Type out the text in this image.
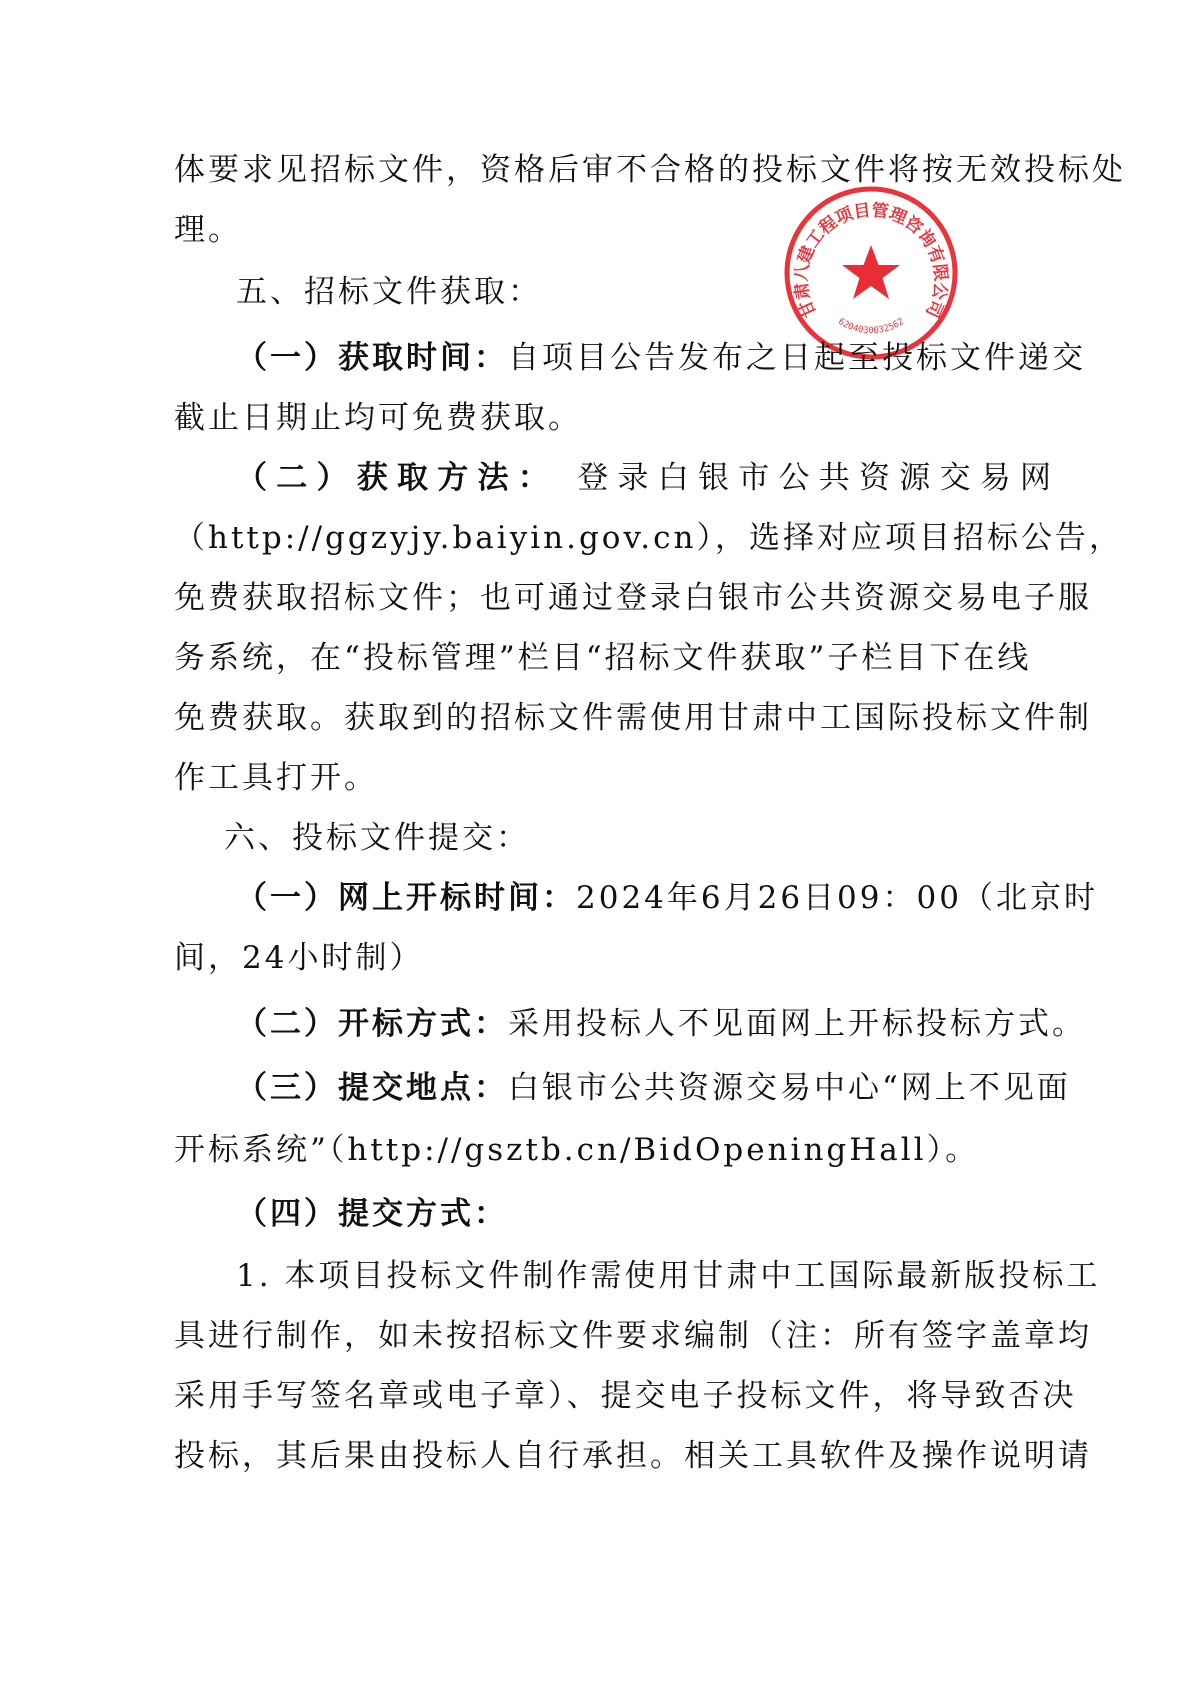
甘肃八建工程项目管理咨询有限公司
6204030032562
体要求见招标文件，资格后审不合格的投标文件将按无效投标处
理。
五、招标文件获取：
（一）获取时间：自项目公告发布之日起至投标文件递交
截止日期止均可免费获取。
（二）获取方法： 登录白银市公共资源交易网
（http://ggzyjy.baiyin.gov.cn），选择对应项目招标公告，
免费获取招标文件；也可通过登录白银市公共资源交易电子服
务系统，在“投标管理”栏目“招标文件获取”子栏目下在线
免费获取。获取到的招标文件需使用甘肃中工国际投标文件制
作工具打开。
六、投标文件提交：
（一）网上开标时间：2024年6月26日09：00（北京时
间，24小时制）
（二）开标方式：采用投标人不见面网上开标投标方式。
（三）提交地点：白银市公共资源交易中心“网上不见面
开标系统”（http://gsztb.cn/BidOpeningHall）。
（四）提交方式：
1. 本项目投标文件制作需使用甘肃中工国际最新版投标工
具进行制作，如未按招标文件要求编制（注：所有签字盖章均
采用手写签名章或电子章）、提交电子投标文件，将导致否决
投标，其后果由投标人自行承担。相关工具软件及操作说明请
